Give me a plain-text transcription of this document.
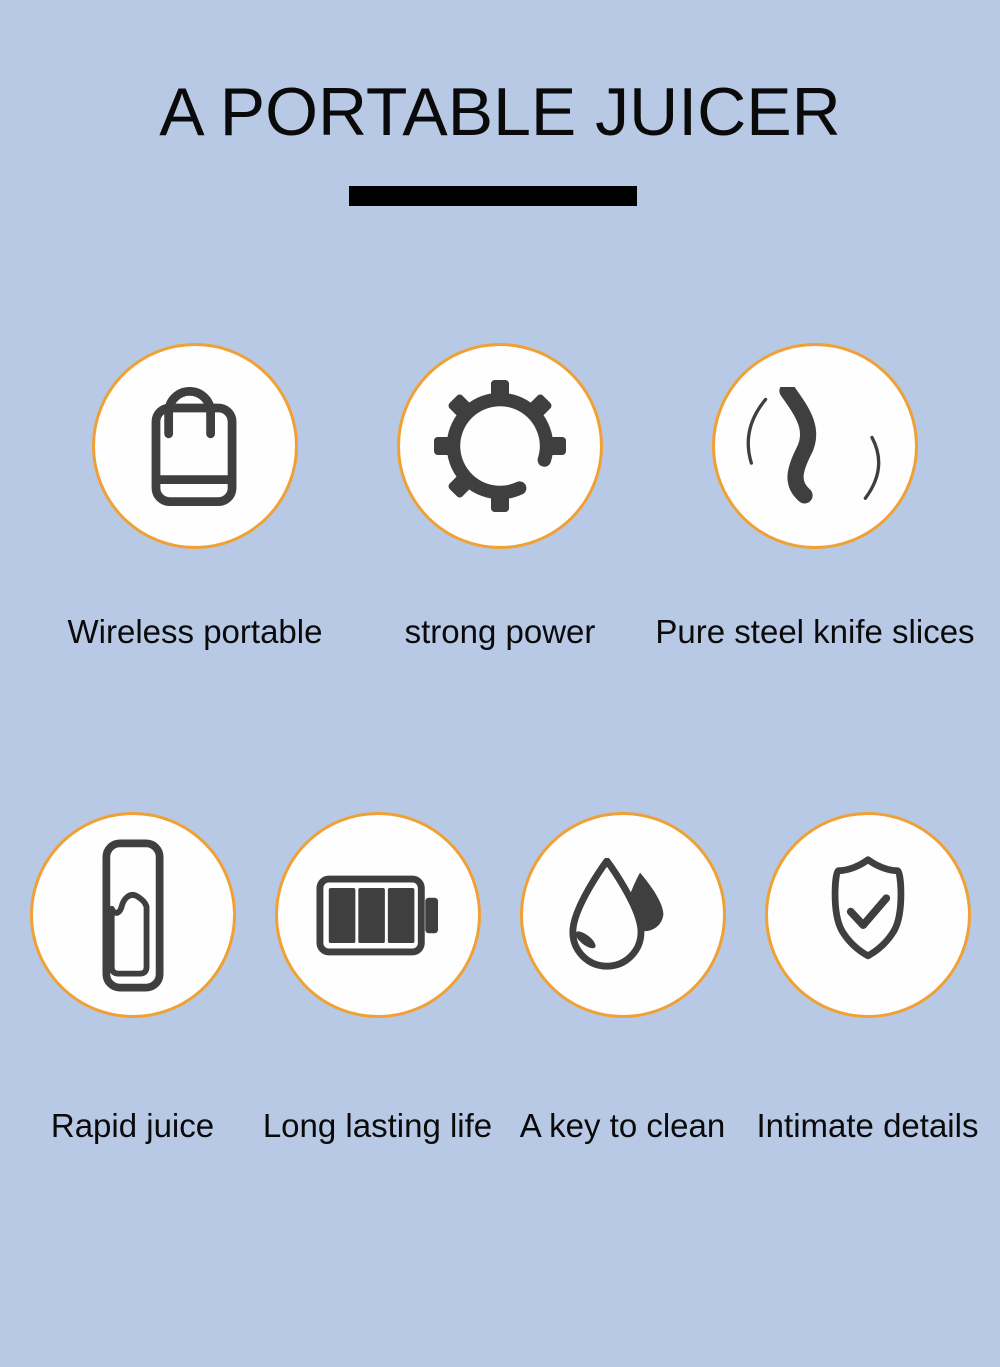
A PORTABLE JUICER
Wireless portable strong power Pure steel knife slices
Rapid juice Long lasting life A key to clean Intimate details
